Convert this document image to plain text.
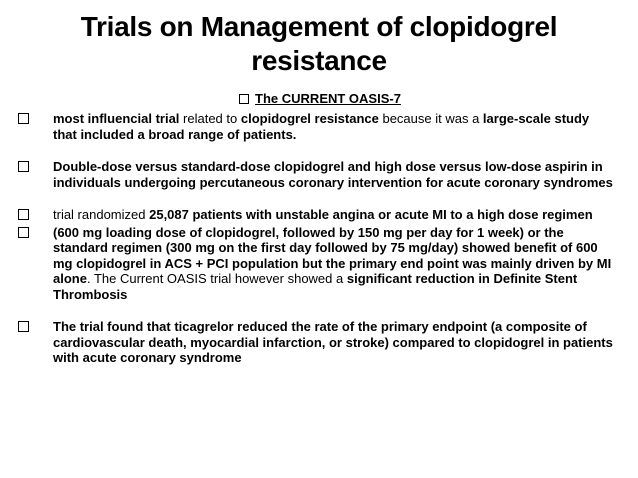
Trials on Management of clopidogrel resistance
The CURRENT OASIS-7
most influencial trial related to clopidogrel resistance because it was a large-scale study that included a broad range of patients.
Double-dose versus standard-dose clopidogrel and high dose versus low-dose aspirin in individuals undergoing percutaneous coronary intervention for acute coronary syndromes
trial randomized 25,087 patients with unstable angina or acute MI to a high dose regimen
(600 mg loading dose of clopidogrel, followed by 150 mg per day for 1 week) or the standard regimen (300 mg on the first day followed by 75 mg/day) showed benefit of 600 mg clopidogrel in ACS + PCI population but the primary end point was mainly driven by MI alone. The Current OASIS trial however showed a significant reduction in Definite Stent Thrombosis
The trial found that ticagrelor reduced the rate of the primary endpoint (a composite of cardiovascular death, myocardial infarction, or stroke) compared to clopidogrel in patients with acute coronary syndrome
